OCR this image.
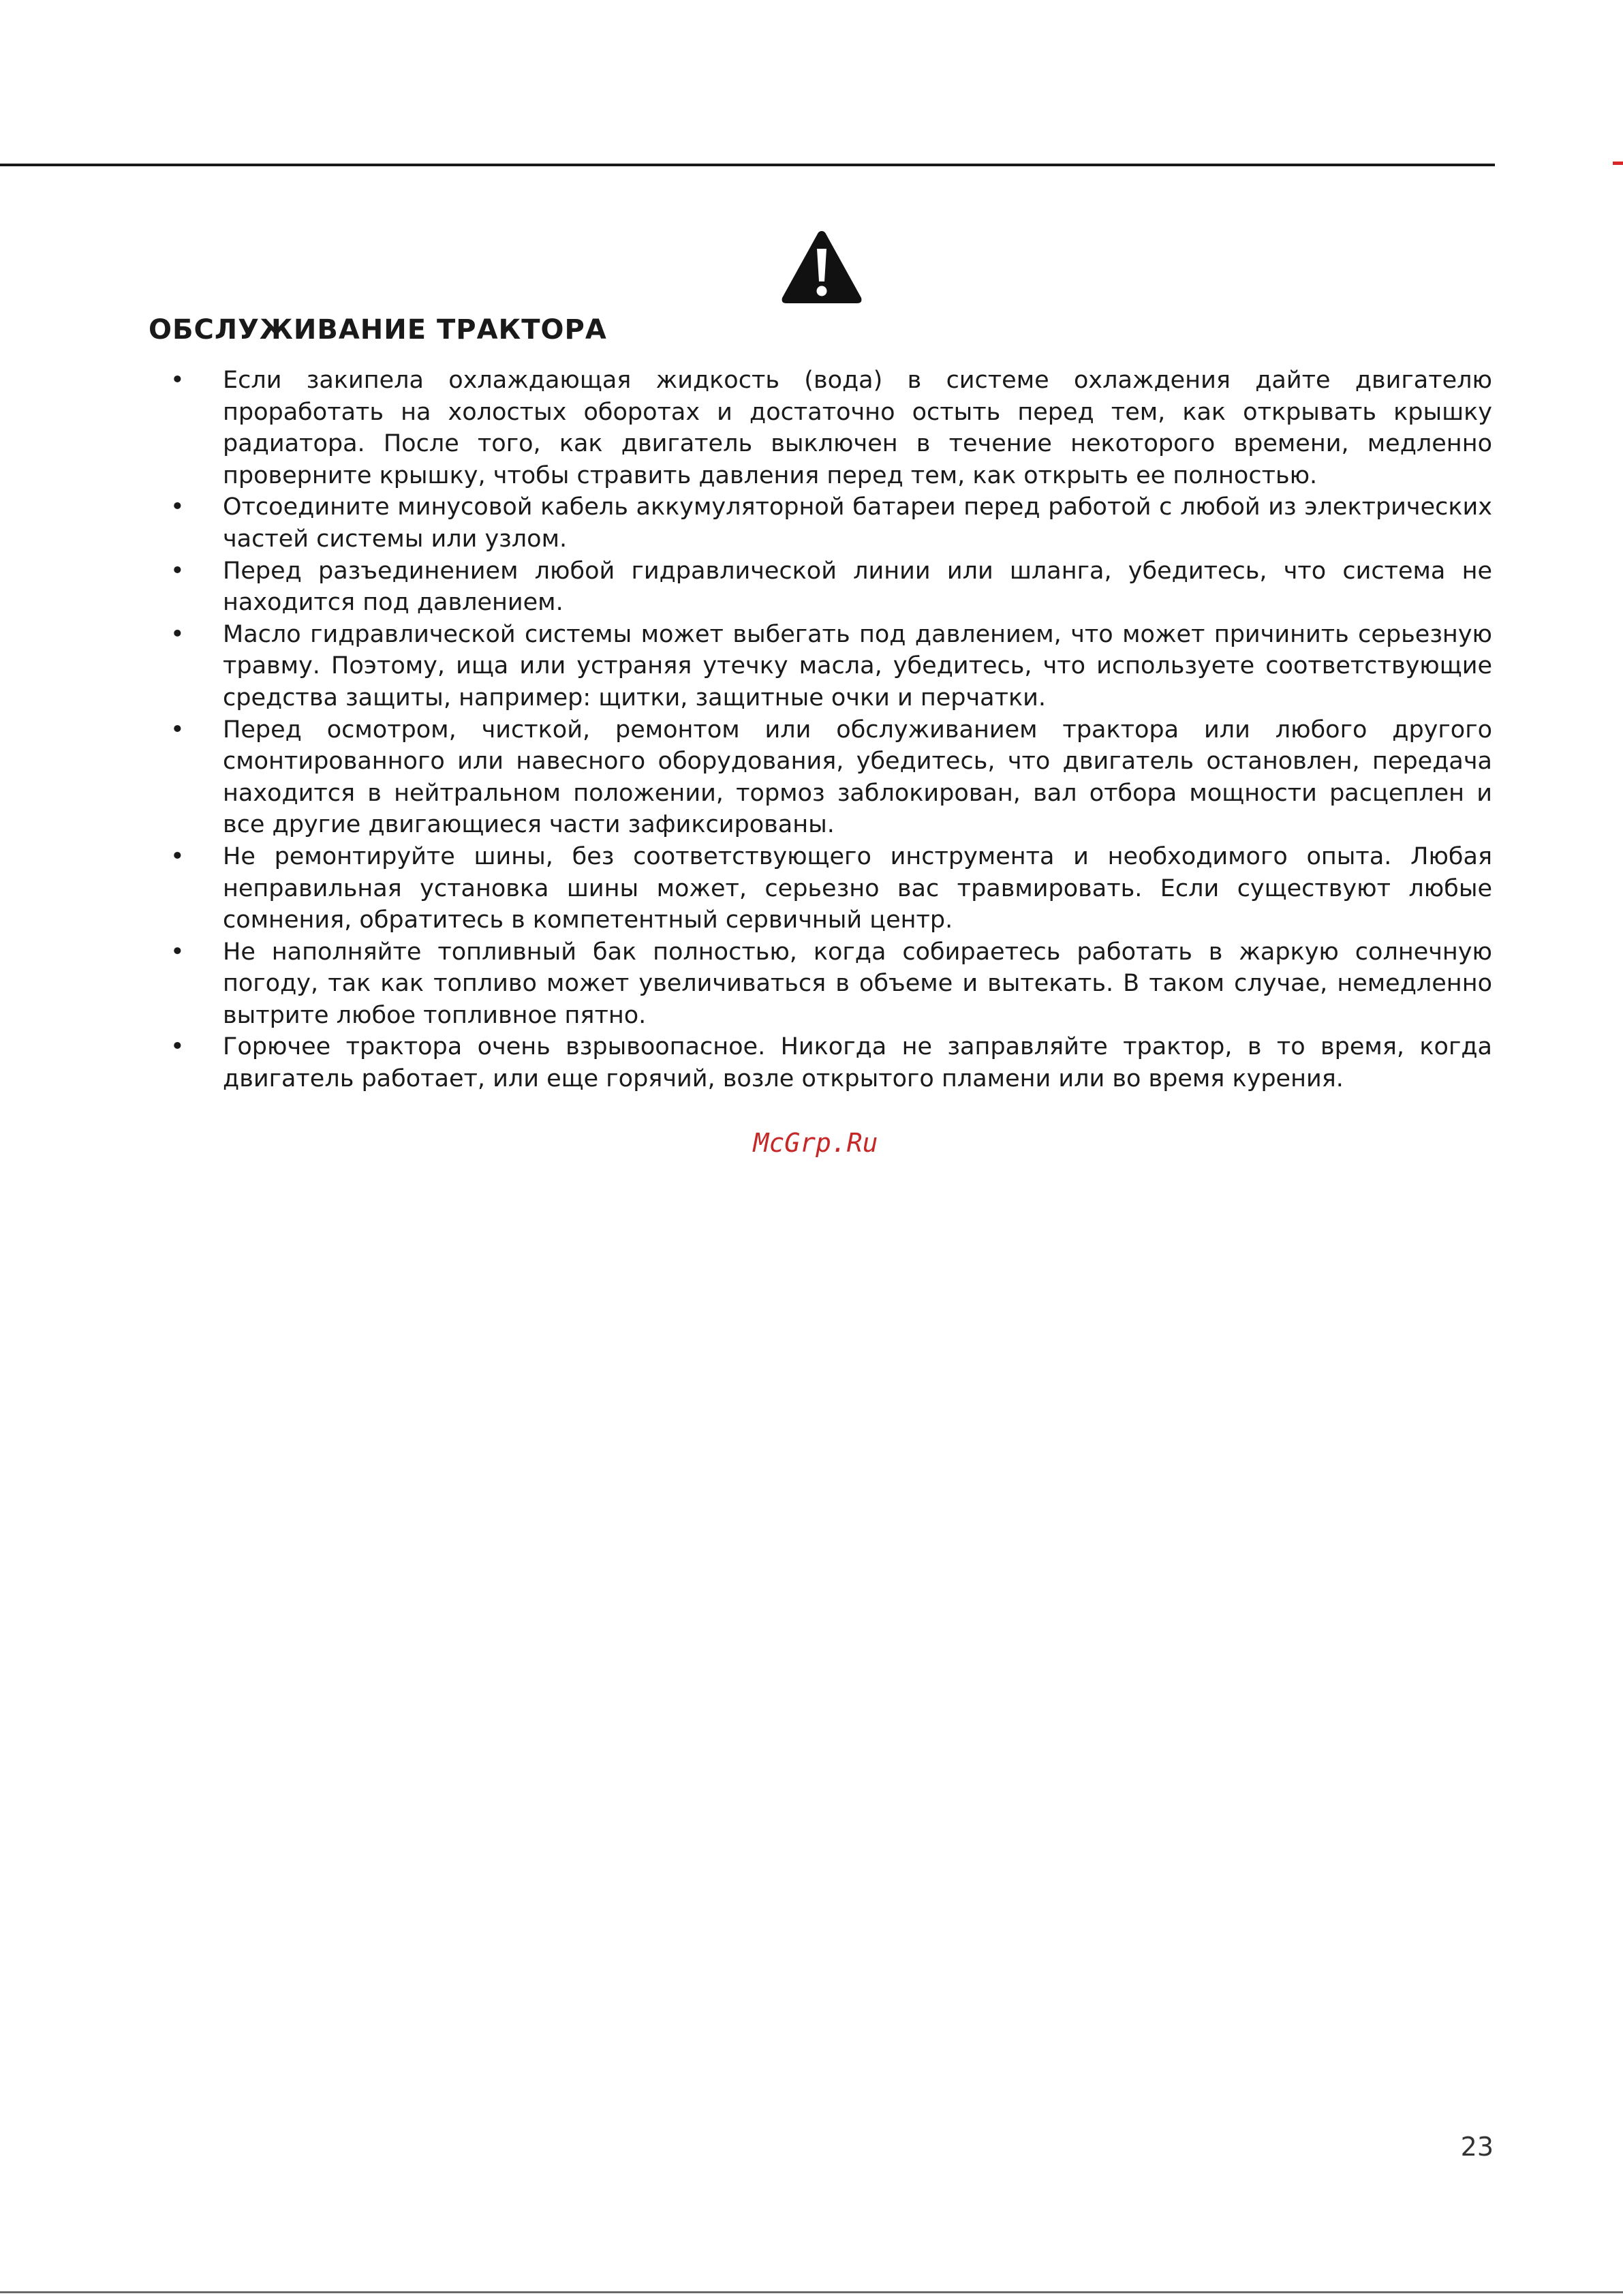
ОБСЛУЖИВАНИЕ ТРАКТОРА
• Если закипела охлаждающая жидкость (вода) в системе охлаждения дайте двигателю проработать на холостых оборотах и достаточно остыть перед тем, как открывать крышку радиатора. После того, как двигатель выключен в течение некоторого времени, медленно проверните крышку, чтобы стравить давления перед тем, как открыть ее полностью.
• Отсоедините минусовой кабель аккумуляторной батареи перед работой с любой из электрических частей системы или узлом.
• Перед разъединением любой гидравлической линии или шланга, убедитесь, что система не находится под давлением.
• Масло гидравлической системы может выбегать под давлением, что может причинить серьезную травму. Поэтому, ища или устраняя утечку масла, убедитесь, что используете соответствующие средства защиты, например: щитки, защитные очки и перчатки.
• Перед осмотром, чисткой, ремонтом или обслуживанием трактора или любого другого смонтированного или навесного оборудования, убедитесь, что двигатель остановлен, передача находится в нейтральном положении, тормоз заблокирован, вал отбора мощности расцеплен и все другие двигающиеся части зафиксированы.
• Не ремонтируйте шины, без соответствующего инструмента и необходимого опыта. Любая неправильная установка шины может, серьезно вас травмировать. Если существуют любые сомнения, обратитесь в компетентный сервичный центр.
• Не наполняйте топливный бак полностью, когда собираетесь работать в жаркую солнечную погоду, так как топливо может увеличиваться в объеме и вытекать. В таком случае, немедленно вытрите любое топливное пятно.
• Горючее трактора очень взрывоопасное. Никогда не заправляйте трактор, в то время, когда двигатель работает, или еще горячий, возле открытого пламени или во время курения.
McGrp.Ru
23
